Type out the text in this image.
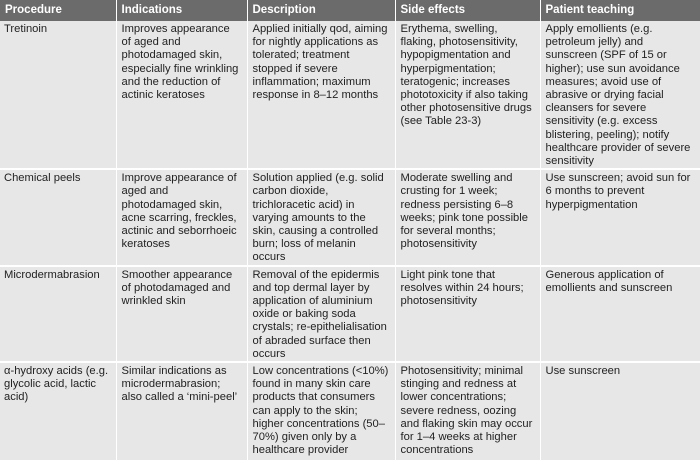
Procedure	Indications	Description	Side effects	Patient teaching
Tretinoin	Improves appearance of aged and photodamaged skin, especially fine wrinkling and the reduction of actinic keratoses	Applied initially qod, aiming for nightly applications as tolerated; treatment stopped if severe inflammation; maximum response in 8–12 months	Erythema, swelling, flaking, photosensitivity, hypopigmentation and hyperpigmentation; teratogenic; increases phototoxicity if also taking other photosensitive drugs (see Table 23-3)	Apply emollients (e.g. petroleum jelly) and sunscreen (SPF of 15 or higher); use sun avoidance measures; avoid use of abrasive or drying facial cleansers for severe sensitivity (e.g. excess blistering, peeling); notify healthcare provider of severe sensitivity
Chemical peels	Improve appearance of aged and photodamaged skin, acne scarring, freckles, actinic and seborrhoeic keratoses	Solution applied (e.g. solid carbon dioxide, trichloracetic acid) in varying amounts to the skin, causing a controlled burn; loss of melanin occurs	Moderate swelling and crusting for 1 week; redness persisting 6–8 weeks; pink tone possible for several months; photosensitivity	Use sunscreen; avoid sun for 6 months to prevent hyperpigmentation
Microdermabrasion	Smoother appearance of photodamaged and wrinkled skin	Removal of the epidermis and top dermal layer by application of aluminium oxide or baking soda crystals; re-epithelialisation of abraded surface then occurs	Light pink tone that resolves within 24 hours; photosensitivity	Generous application of emollients and sunscreen
α-hydroxy acids (e.g. glycolic acid, lactic acid)	Similar indications as microdermabrasion; also called a ‘mini-peel’	Low concentrations (<10%) found in many skin care products that consumers can apply to the skin; higher concentrations (50–70%) given only by a healthcare provider	Photosensitivity; minimal stinging and redness at lower concentrations; severe redness, oozing and flaking skin may occur for 1–4 weeks at higher concentrations	Use sunscreen
